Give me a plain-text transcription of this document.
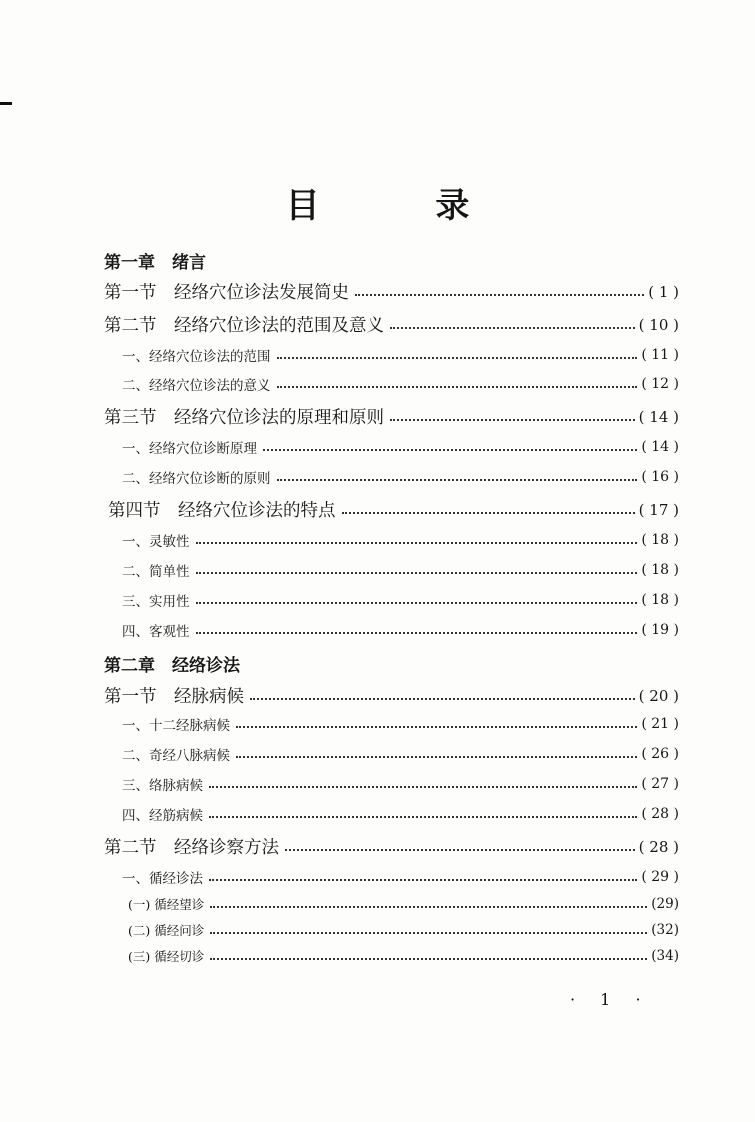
目 录
第一章　绪言
第一节　经络穴位诊法发展简史	( 1 )
第二节　经络穴位诊法的范围及意义	( 10 )
一、经络穴位诊法的范围	( 11 )
二、经络穴位诊法的意义	( 12 )
第三节　经络穴位诊法的原理和原则	( 14 )
一、经络穴位诊断原理	( 14 )
二、经络穴位诊断的原则	( 16 )
第四节　经络穴位诊法的特点	( 17 )
一、灵敏性	( 18 )
二、简单性	( 18 )
三、实用性	( 18 )
四、客观性	( 19 )
第二章　经络诊法
第一节　经脉病候	( 20 )
一、十二经脉病候	( 21 )
二、奇经八脉病候	( 26 )
三、络脉病候	( 27 )
四、经筋病候	( 28 )
第二节　经络诊察方法	( 28 )
一、循经诊法	( 29 )
(一) 循经望诊	(29)
(二) 循经问诊	(32)
(三) 循经切诊	(34)
· 1 ·
